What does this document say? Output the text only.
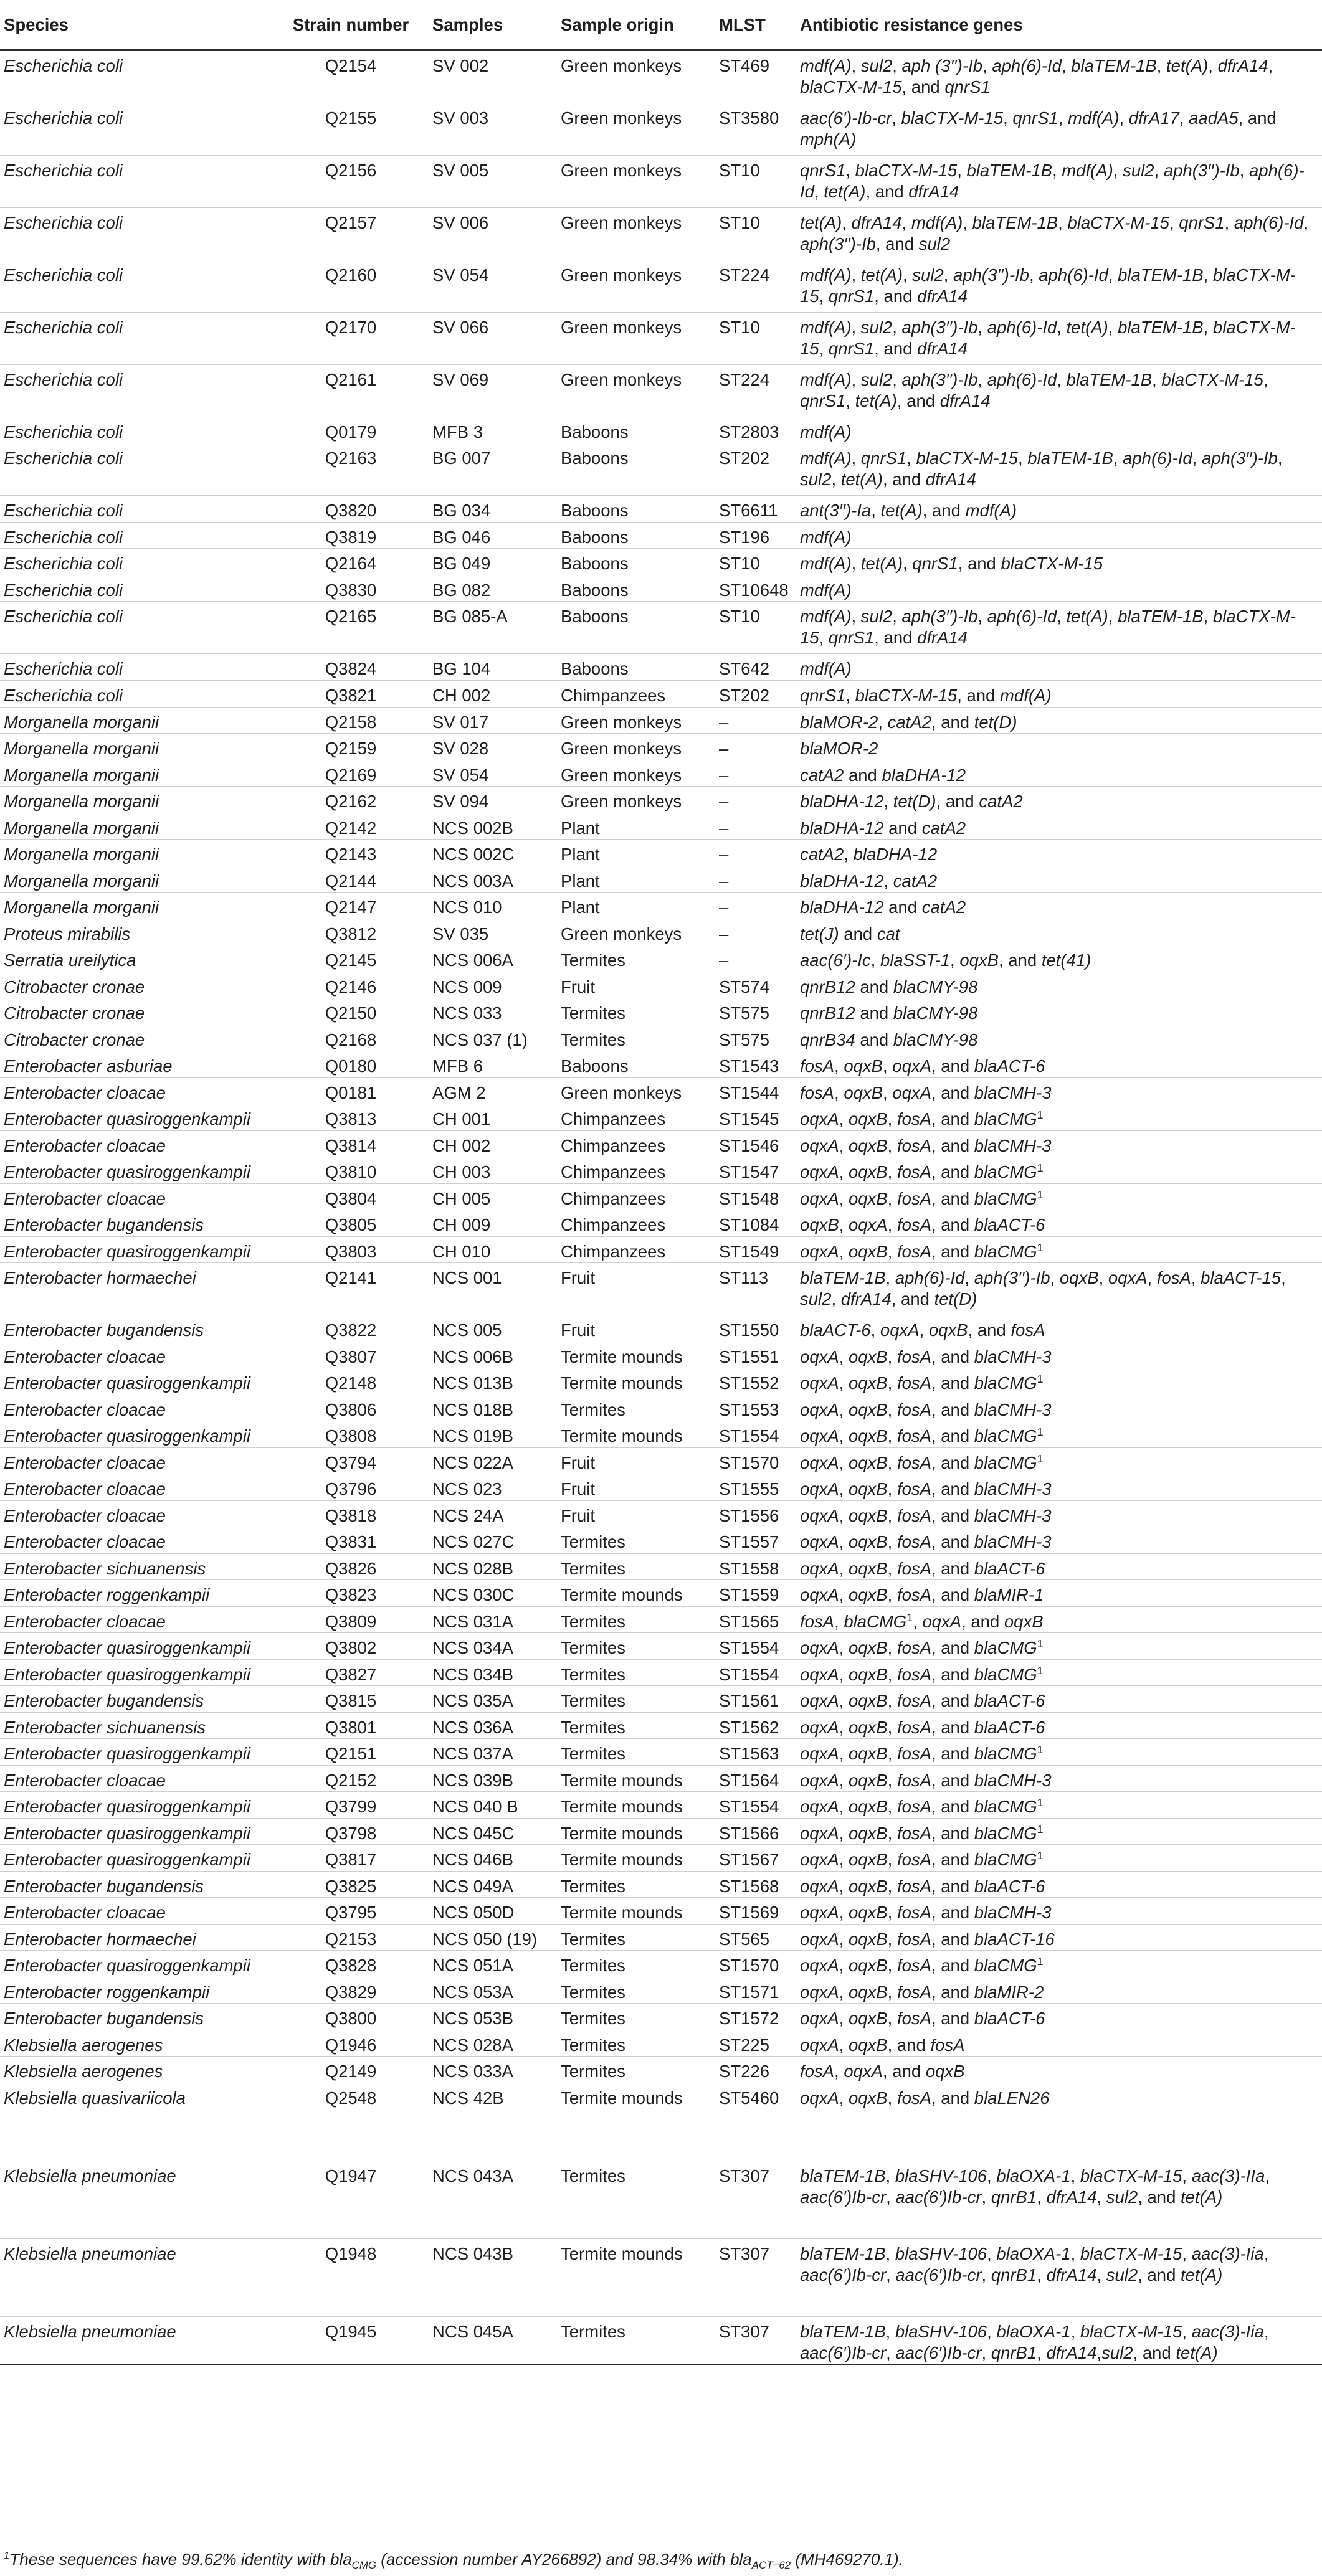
Species	Strain number	Samples	Sample origin	MLST	Antibiotic resistance genes
Escherichia coli	Q2154	SV 002	Green monkeys	ST469	mdf(A), sul2, aph (3′′)-Ib, aph(6)-Id, blaTEM-1B, tet(A), dfrA14, blaCTX-M-15, and qnrS1
Escherichia coli	Q2155	SV 003	Green monkeys	ST3580	aac(6′)-Ib-cr, blaCTX-M-15, qnrS1, mdf(A), dfrA17, aadA5, and mph(A)
Escherichia coli	Q2156	SV 005	Green monkeys	ST10	qnrS1, blaCTX-M-15, blaTEM-1B, mdf(A), sul2, aph(3′′)-Ib, aph(6)-Id, tet(A), and dfrA14
Escherichia coli	Q2157	SV 006	Green monkeys	ST10	tet(A), dfrA14, mdf(A), blaTEM-1B, blaCTX-M-15, qnrS1, aph(6)-Id, aph(3′′)-Ib, and sul2
Escherichia coli	Q2160	SV 054	Green monkeys	ST224	mdf(A), tet(A), sul2, aph(3′′)-Ib, aph(6)-Id, blaTEM-1B, blaCTX-M-15, qnrS1, and dfrA14
Escherichia coli	Q2170	SV 066	Green monkeys	ST10	mdf(A), sul2, aph(3′′)-Ib, aph(6)-Id, tet(A), blaTEM-1B, blaCTX-M-15, qnrS1, and dfrA14
Escherichia coli	Q2161	SV 069	Green monkeys	ST224	mdf(A), sul2, aph(3′′)-Ib, aph(6)-Id, blaTEM-1B, blaCTX-M-15, qnrS1, tet(A), and dfrA14
Escherichia coli	Q0179	MFB 3	Baboons	ST2803	mdf(A)
Escherichia coli	Q2163	BG 007	Baboons	ST202	mdf(A), qnrS1, blaCTX-M-15, blaTEM-1B, aph(6)-Id, aph(3′′)-Ib, sul2, tet(A), and dfrA14
Escherichia coli	Q3820	BG 034	Baboons	ST6611	ant(3′′)-Ia, tet(A), and mdf(A)
Escherichia coli	Q3819	BG 046	Baboons	ST196	mdf(A)
Escherichia coli	Q2164	BG 049	Baboons	ST10	mdf(A), tet(A), qnrS1, and blaCTX-M-15
Escherichia coli	Q3830	BG 082	Baboons	ST10648	mdf(A)
Escherichia coli	Q2165	BG 085-A	Baboons	ST10	mdf(A), sul2, aph(3′′)-Ib, aph(6)-Id, tet(A), blaTEM-1B, blaCTX-M-15, qnrS1, and dfrA14
Escherichia coli	Q3824	BG 104	Baboons	ST642	mdf(A)
Escherichia coli	Q3821	CH 002	Chimpanzees	ST202	qnrS1, blaCTX-M-15, and mdf(A)
Morganella morganii	Q2158	SV 017	Green monkeys	–	blaMOR-2, catA2, and tet(D)
Morganella morganii	Q2159	SV 028	Green monkeys	–	blaMOR-2
Morganella morganii	Q2169	SV 054	Green monkeys	–	catA2 and blaDHA-12
Morganella morganii	Q2162	SV 094	Green monkeys	–	blaDHA-12, tet(D), and catA2
Morganella morganii	Q2142	NCS 002B	Plant	–	blaDHA-12 and catA2
Morganella morganii	Q2143	NCS 002C	Plant	–	catA2, blaDHA-12
Morganella morganii	Q2144	NCS 003A	Plant	–	blaDHA-12, catA2
Morganella morganii	Q2147	NCS 010	Plant	–	blaDHA-12 and catA2
Proteus mirabilis	Q3812	SV 035	Green monkeys	–	tet(J) and cat
Serratia ureilytica	Q2145	NCS 006A	Termites	–	aac(6′)-Ic, blaSST-1, oqxB, and tet(41)
Citrobacter cronae	Q2146	NCS 009	Fruit	ST574	qnrB12 and blaCMY-98
Citrobacter cronae	Q2150	NCS 033	Termites	ST575	qnrB12 and blaCMY-98
Citrobacter cronae	Q2168	NCS 037 (1)	Termites	ST575	qnrB34 and blaCMY-98
Enterobacter asburiae	Q0180	MFB 6	Baboons	ST1543	fosA, oqxB, oqxA, and blaACT-6
Enterobacter cloacae	Q0181	AGM 2	Green monkeys	ST1544	fosA, oqxB, oqxA, and blaCMH-3
Enterobacter quasiroggenkampii	Q3813	CH 001	Chimpanzees	ST1545	oqxA, oqxB, fosA, and blaCMG$^1$
Enterobacter cloacae	Q3814	CH 002	Chimpanzees	ST1546	oqxA, oqxB, fosA, and blaCMH-3
Enterobacter quasiroggenkampii	Q3810	CH 003	Chimpanzees	ST1547	oqxA, oqxB, fosA, and blaCMG$^1$
Enterobacter cloacae	Q3804	CH 005	Chimpanzees	ST1548	oqxA, oqxB, fosA, and blaCMG$^1$
Enterobacter bugandensis	Q3805	CH 009	Chimpanzees	ST1084	oqxB, oqxA, fosA, and blaACT-6
Enterobacter quasiroggenkampii	Q3803	CH 010	Chimpanzees	ST1549	oqxA, oqxB, fosA, and blaCMG$^1$
Enterobacter hormaechei	Q2141	NCS 001	Fruit	ST113	blaTEM-1B, aph(6)-Id, aph(3′′)-Ib, oqxB, oqxA, fosA, blaACT-15, sul2, dfrA14, and tet(D)
Enterobacter bugandensis	Q3822	NCS 005	Fruit	ST1550	blaACT-6, oqxA, oqxB, and fosA
Enterobacter cloacae	Q3807	NCS 006B	Termite mounds	ST1551	oqxA, oqxB, fosA, and blaCMH-3
Enterobacter quasiroggenkampii	Q2148	NCS 013B	Termite mounds	ST1552	oqxA, oqxB, fosA, and blaCMG$^1$
Enterobacter cloacae	Q3806	NCS 018B	Termites	ST1553	oqxA, oqxB, fosA, and blaCMH-3
Enterobacter quasiroggenkampii	Q3808	NCS 019B	Termite mounds	ST1554	oqxA, oqxB, fosA, and blaCMG$^1$
Enterobacter cloacae	Q3794	NCS 022A	Fruit	ST1570	oqxA, oqxB, fosA, and blaCMG$^1$
Enterobacter cloacae	Q3796	NCS 023	Fruit	ST1555	oqxA, oqxB, fosA, and blaCMH-3
Enterobacter cloacae	Q3818	NCS 24A	Fruit	ST1556	oqxA, oqxB, fosA, and blaCMH-3
Enterobacter cloacae	Q3831	NCS 027C	Termites	ST1557	oqxA, oqxB, fosA, and blaCMH-3
Enterobacter sichuanensis	Q3826	NCS 028B	Termites	ST1558	oqxA, oqxB, fosA, and blaACT-6
Enterobacter roggenkampii	Q3823	NCS 030C	Termite mounds	ST1559	oqxA, oqxB, fosA, and blaMIR-1
Enterobacter cloacae	Q3809	NCS 031A	Termites	ST1565	fosA, blaCMG$^1$, oqxA, and oqxB
Enterobacter quasiroggenkampii	Q3802	NCS 034A	Termites	ST1554	oqxA, oqxB, fosA, and blaCMG$^1$
Enterobacter quasiroggenkampii	Q3827	NCS 034B	Termites	ST1554	oqxA, oqxB, fosA, and blaCMG$^1$
Enterobacter bugandensis	Q3815	NCS 035A	Termites	ST1561	oqxA, oqxB, fosA, and blaACT-6
Enterobacter sichuanensis	Q3801	NCS 036A	Termites	ST1562	oqxA, oqxB, fosA, and blaACT-6
Enterobacter quasiroggenkampii	Q2151	NCS 037A	Termites	ST1563	oqxA, oqxB, fosA, and blaCMG$^1$
Enterobacter cloacae	Q2152	NCS 039B	Termite mounds	ST1564	oqxA, oqxB, fosA, and blaCMH-3
Enterobacter quasiroggenkampii	Q3799	NCS 040 B	Termite mounds	ST1554	oqxA, oqxB, fosA, and blaCMG$^1$
Enterobacter quasiroggenkampii	Q3798	NCS 045C	Termite mounds	ST1566	oqxA, oqxB, fosA, and blaCMG$^1$
Enterobacter quasiroggenkampii	Q3817	NCS 046B	Termite mounds	ST1567	oqxA, oqxB, fosA, and blaCMG$^1$
Enterobacter bugandensis	Q3825	NCS 049A	Termites	ST1568	oqxA, oqxB, fosA, and blaACT-6
Enterobacter cloacae	Q3795	NCS 050D	Termite mounds	ST1569	oqxA, oqxB, fosA, and blaCMH-3
Enterobacter hormaechei	Q2153	NCS 050 (19)	Termites	ST565	oqxA, oqxB, fosA, and blaACT-16
Enterobacter quasiroggenkampii	Q3828	NCS 051A	Termites	ST1570	oqxA, oqxB, fosA, and blaCMG$^1$
Enterobacter roggenkampii	Q3829	NCS 053A	Termites	ST1571	oqxA, oqxB, fosA, and blaMIR-2
Enterobacter bugandensis	Q3800	NCS 053B	Termites	ST1572	oqxA, oqxB, fosA, and blaACT-6
Klebsiella aerogenes	Q1946	NCS 028A	Termites	ST225	oqxA, oqxB, and fosA
Klebsiella aerogenes	Q2149	NCS 033A	Termites	ST226	fosA, oqxA, and oqxB
Klebsiella quasivariicola	Q2548	NCS 42B	Termite mounds	ST5460	oqxA, oqxB, fosA, and blaLEN26
Klebsiella pneumoniae	Q1947	NCS 043A	Termites	ST307	blaTEM-1B, blaSHV-106, blaOXA-1, blaCTX-M-15, aac(3)-IIa, aac(6′)Ib-cr, aac(6′)Ib-cr, qnrB1, dfrA14, sul2, and tet(A)
Klebsiella pneumoniae	Q1948	NCS 043B	Termite mounds	ST307	blaTEM-1B, blaSHV-106, blaOXA-1, blaCTX-M-15, aac(3)-Iia, aac(6′)Ib-cr, aac(6′)Ib-cr, qnrB1, dfrA14, sul2, and tet(A)
Klebsiella pneumoniae	Q1945	NCS 045A	Termites	ST307	blaTEM-1B, blaSHV-106, blaOXA-1, blaCTX-M-15, aac(3)-Iia, aac(6′)Ib-cr, aac(6′)Ib-cr, qnrB1, dfrA14,sul2, and tet(A)
$^1$These sequences have 99.62% identity with bla$_{CMG}$ (accession number AY266892) and 98.34% with bla$_{ACT-62}$ (MH469270.1).
